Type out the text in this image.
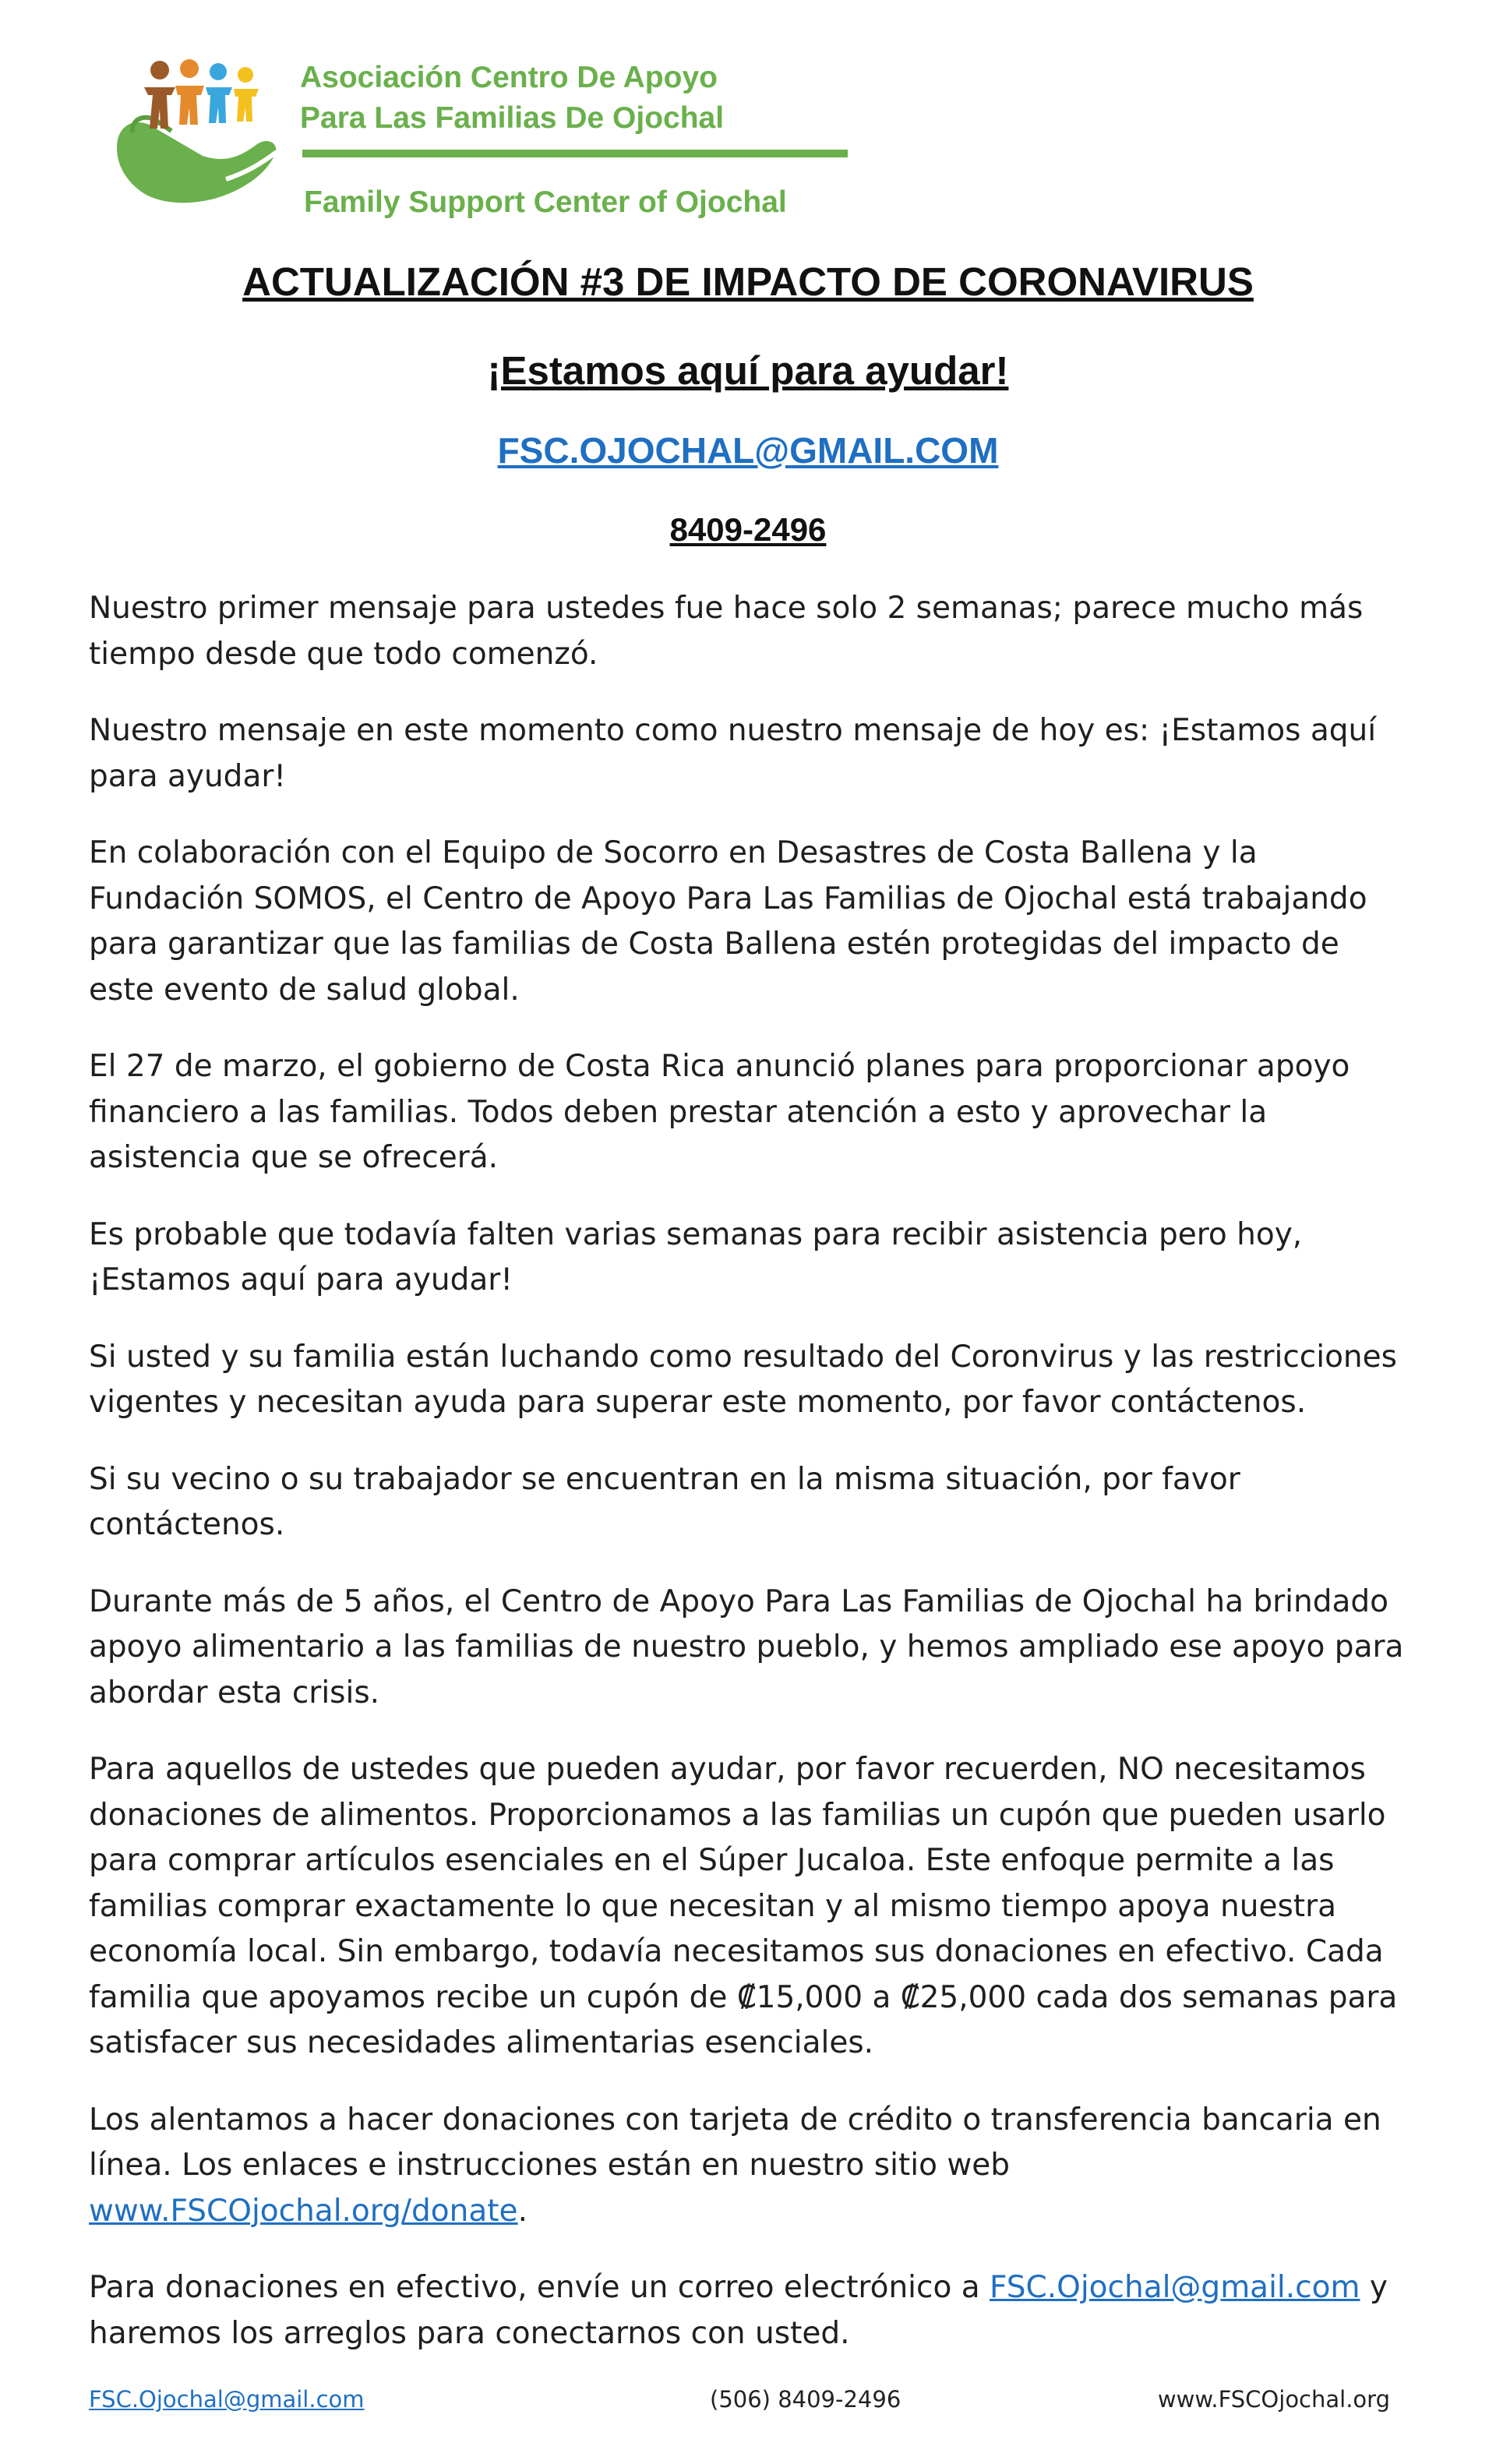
Asociación Centro De Apoyo
Para Las Familias De Ojochal
Family Support Center of Ojochal
ACTUALIZACIÓN #3 DE IMPACTO DE CORONAVIRUS
¡Estamos aquí para ayudar!
FSC.OJOCHAL@GMAIL.COM
8409-2496

Nuestro primer mensaje para ustedes fue hace solo 2 semanas; parece mucho más tiempo desde que todo comenzó.

Nuestro mensaje en este momento como nuestro mensaje de hoy es: ¡Estamos aquí para ayudar!

En colaboración con el Equipo de Socorro en Desastres de Costa Ballena y la Fundación SOMOS, el Centro de Apoyo Para Las Familias de Ojochal está trabajando para garantizar que las familias de Costa Ballena estén protegidas del impacto de este evento de salud global.

El 27 de marzo, el gobierno de Costa Rica anunció planes para proporcionar apoyo financiero a las familias. Todos deben prestar atención a esto y aprovechar la asistencia que se ofrecerá.

Es probable que todavía falten varias semanas para recibir asistencia pero hoy, ¡Estamos aquí para ayudar!

Si usted y su familia están luchando como resultado del Coronvirus y las restricciones vigentes y necesitan ayuda para superar este momento, por favor contáctenos.

Si su vecino o su trabajador se encuentran en la misma situación, por favor contáctenos.

Durante más de 5 años, el Centro de Apoyo Para Las Familias de Ojochal ha brindado apoyo alimentario a las familias de nuestro pueblo, y hemos ampliado ese apoyo para abordar esta crisis.

Para aquellos de ustedes que pueden ayudar, por favor recuerden, NO necesitamos donaciones de alimentos. Proporcionamos a las familias un cupón que pueden usarlo para comprar artículos esenciales en el Súper Jucaloa. Este enfoque permite a las familias comprar exactamente lo que necesitan y al mismo tiempo apoya nuestra economía local. Sin embargo, todavía necesitamos sus donaciones en efectivo. Cada familia que apoyamos recibe un cupón de ₡15,000 a ₡25,000 cada dos semanas para satisfacer sus necesidades alimentarias esenciales.

Los alentamos a hacer donaciones con tarjeta de crédito o transferencia bancaria en línea. Los enlaces e instrucciones están en nuestro sitio web www.FSCOjochal.org/donate.

Para donaciones en efectivo, envíe un correo electrónico a FSC.Ojochal@gmail.com y haremos los arreglos para conectarnos con usted.

FSC.Ojochal@gmail.com	(506) 8409-2496	www.FSCOjochal.org
